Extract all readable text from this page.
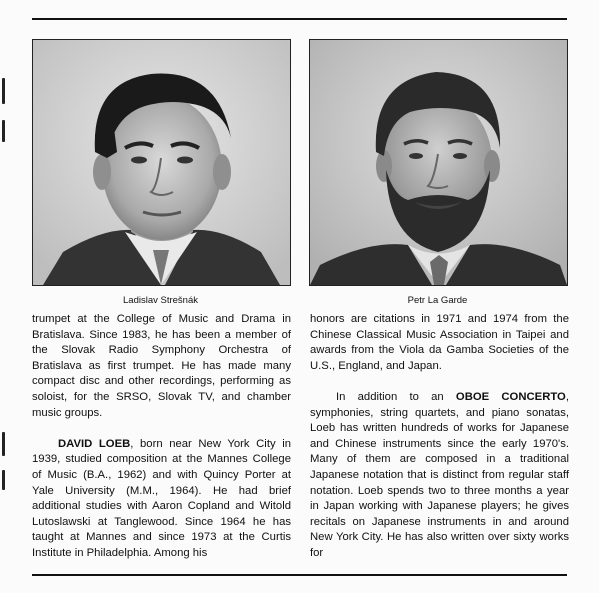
Ladislav Strešnák	Petr La Garde

trumpet at the College of Music and Drama in Bratislava. Since 1983, he has been a member of the Slovak Radio Symphony Orchestra of Bratislava as first trumpet. He has made many compact disc and other recordings, performing as soloist, for the SRSO, Slovak TV, and chamber music groups.

DAVID LOEB, born near New York City in 1939, studied composition at the Mannes College of Music (B.A., 1962) and with Quincy Porter at Yale University (M.M., 1964). He had brief additional studies with Aaron Copland and Witold Lutoslawski at Tanglewood. Since 1964 he has taught at Mannes and since 1973 at the Curtis Institute in Philadelphia. Among his

honors are citations in 1971 and 1974 from the Chinese Classical Music Association in Taipei and awards from the Viola da Gamba Societies of the U.S., England, and Japan.

In addition to an OBOE CONCERTO, symphonies, string quartets, and piano sonatas, Loeb has written hundreds of works for Japanese and Chinese instruments since the early 1970's. Many of them are composed in a traditional Japanese notation that is distinct from regular staff notation. Loeb spends two to three months a year in Japan working with Japanese players; he gives recitals on Japanese instruments in and around New York City. He has also written over sixty works for
